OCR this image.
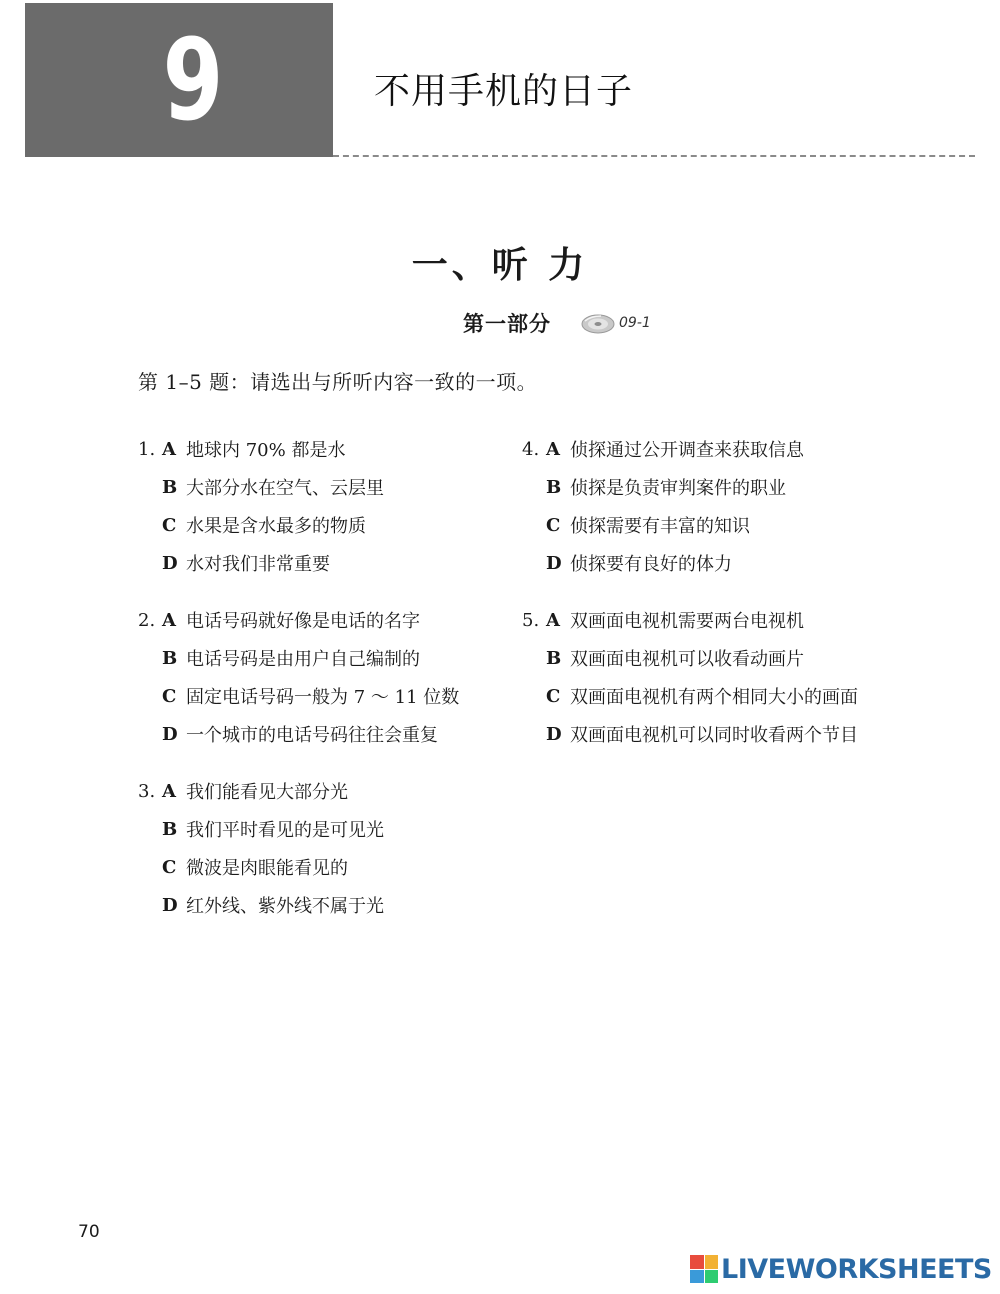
9	不用手机的日子
一、听 力
第一部分	09-1
第 1–5 题：请选出与所听内容一致的一项。
1. A 地球内 70% 都是水
B 大部分水在空气、云层里
C 水果是含水最多的物质
D 水对我们非常重要
2. A 电话号码就好像是电话的名字
B 电话号码是由用户自己编制的
C 固定电话号码一般为 7 ～ 11 位数
D 一个城市的电话号码往往会重复
3. A 我们能看见大部分光
B 我们平时看见的是可见光
C 微波是肉眼能看见的
D 红外线、紫外线不属于光
4. A 侦探通过公开调查来获取信息
B 侦探是负责审判案件的职业
C 侦探需要有丰富的知识
D 侦探要有良好的体力
5. A 双画面电视机需要两台电视机
B 双画面电视机可以收看动画片
C 双画面电视机有两个相同大小的画面
D 双画面电视机可以同时收看两个节目
70
LIVEWORKSHEETS
